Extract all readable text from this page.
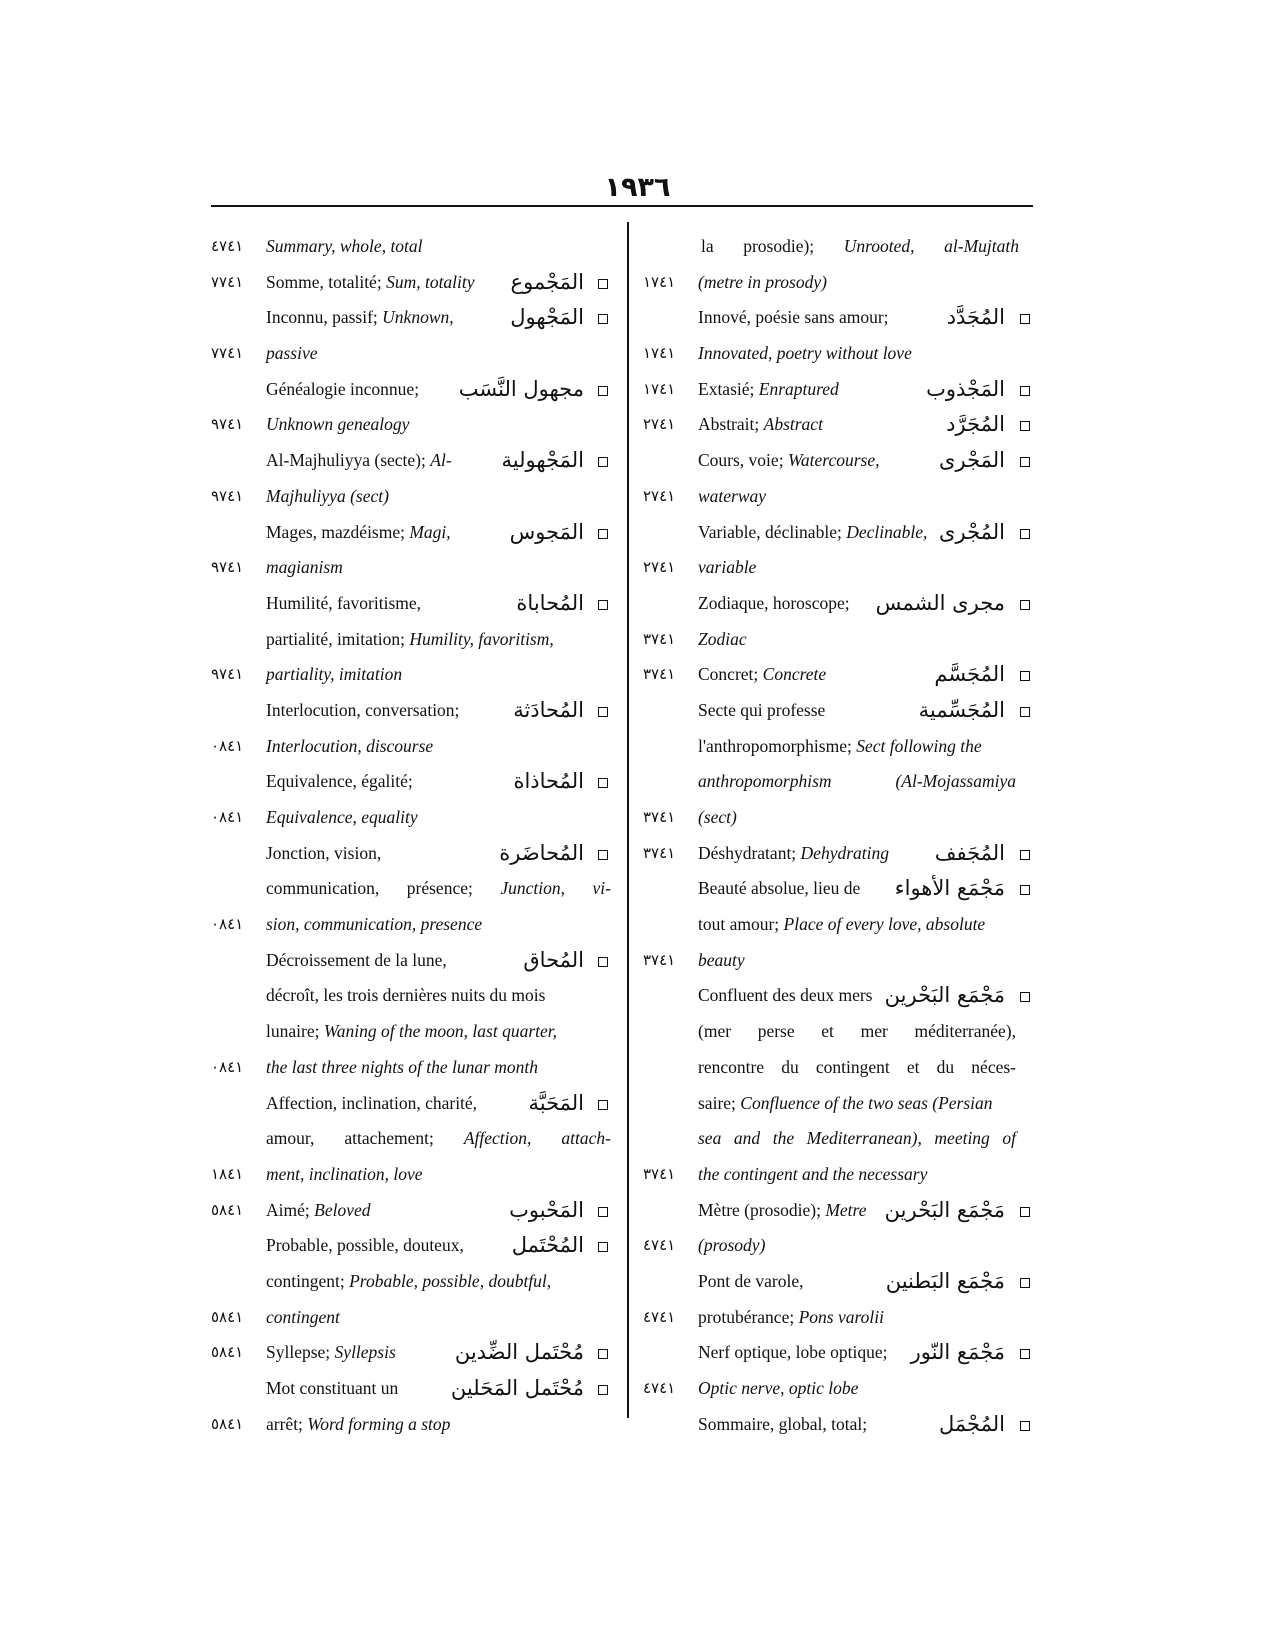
١٩٣٦
١٤٧٤ Summary, whole, total
١٤٧٧ Somme, totalité; Sum, totality المَجْموع
Inconnu, passif; Unknown,	المَجْهول
١٤٧٧ passive
Généalogie inconnue; مجهول النَّسَب
١٤٧٩ Unknown genealogy
Al-Majhuliyya (secte); Al- المَجْهولية
١٤٧٩ Majhuliyya (sect)
Mages, mazdéisme; Magi,	المَجوس
١٤٧٩ magianism
Humilité, favoritisme,	المُحاباة
partialité, imitation; Humility, favoritism,
١٤٧٩ partiality, imitation
Interlocution, conversation;	المُحادَثة
١٤٨٠ Interlocution, discourse
Equivalence, égalité;	المُحاذاة
١٤٨٠ Equivalence, equality
Jonction, vision,	المُحاضَرة
communication, présence; Junction, vi-
١٤٨٠ sion, communication, presence
Décroissement de la lune,	المُحاق
décroît, les trois dernières nuits du mois
lunaire; Waning of the moon, last quarter,
١٤٨٠ the last three nights of the lunar month
Affection, inclination, charité, المَحَبَّة
amour, attachement; Affection, attach-
١٤٨١ ment, inclination, love
١٤٨٥ Aimé; Beloved	المَحْبوب
Probable, possible, douteux, المُحْتَمل
contingent; Probable, possible, doubtful,
١٤٨٥ contingent
١٤٨٥ Syllepse; Syllepsis	مُحْتَمل الضِّدين
Mot constituant un	مُحْتَمل المَحَلين
١٤٨٥ arrêt; Word forming a stop
la prosodie); Unrooted, al-Mujtath
١٤٧١ (metre in prosody)
Innové, poésie sans amour;	المُجَدَّد
١٤٧١ Innovated, poetry without love
١٤٧١ Extasié; Enraptured	المَجْذوب
١٤٧٢ Abstrait; Abstract	المُجَرَّد
Cours, voie; Watercourse,	المَجْرى
١٤٧٢ waterway
Variable, déclinable; Declinable, المُجْرى
١٤٧٢ variable
Zodiaque, horoscope; مجرى الشمس
١٤٧٣ Zodiac
١٤٧٣ Concret; Concrete	المُجَسَّم
Secte qui professe	المُجَسِّمية
l'anthropomorphisme; Sect following the
anthropomorphism (Al-Mojassamiya
١٤٧٣ (sect)
١٤٧٣ Déshydratant; Dehydrating المُجَفف
Beauté absolue, lieu de مَجْمَع الأهواء
tout amour; Place of every love, absolute
١٤٧٣ beauty
Confluent des deux mers مَجْمَع البَحْرين
(mer perse et mer méditerranée),
rencontre du contingent et du néces-
saire; Confluence of the two seas (Persian
sea and the Mediterranean), meeting of
١٤٧٣ the contingent and the necessary
Mètre (prosodie); Metre مَجْمَع البَحْرين
١٤٧٤ (prosody)
Pont de varole,	مَجْمَع البَطنين
١٤٧٤ protubérance; Pons varolii
Nerf optique, lobe optique; مَجْمَع النّور
١٤٧٤ Optic nerve, optic lobe
Sommaire, global, total;	المُجْمَل
